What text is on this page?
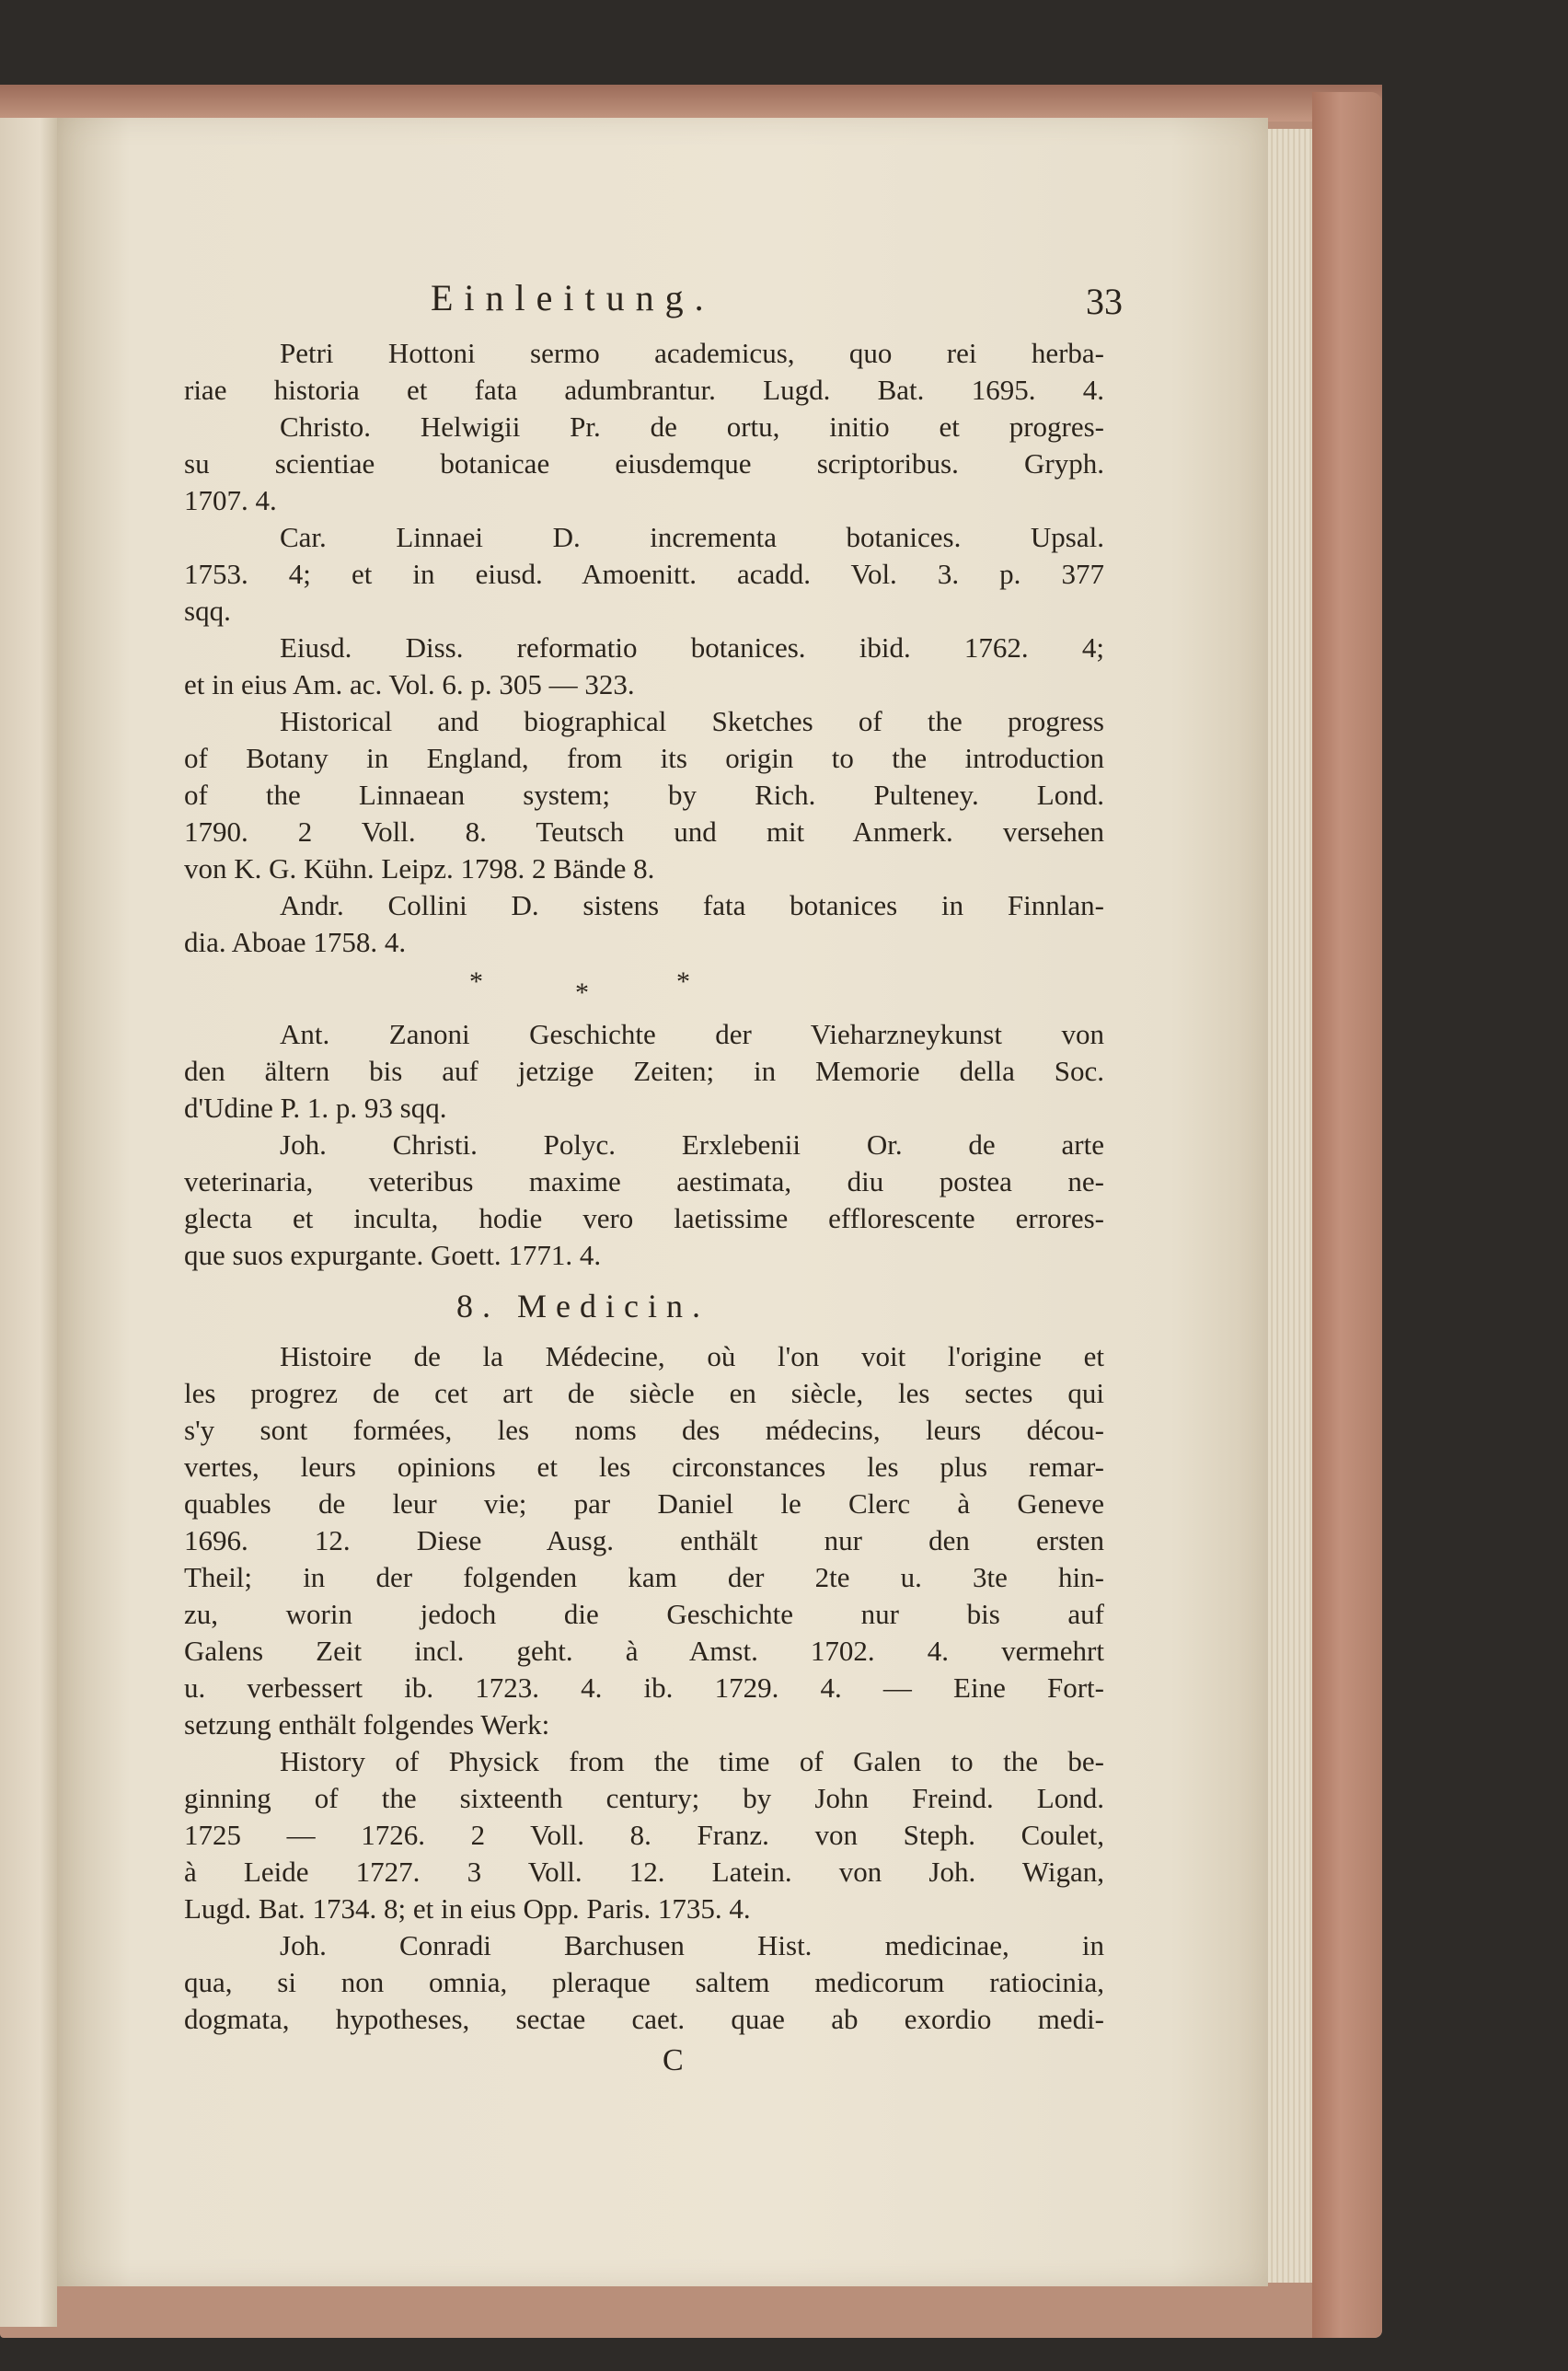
Einleitung.	33
Petri Hottoni sermo academicus, quo rei herba-
riae historia et fata adumbrantur. Lugd. Bat. 1695. 4.
Christo. Helwigii Pr. de ortu, initio et progres-
su scientiae botanicae eiusdemque scriptoribus. Gryph.
1707. 4.
Car. Linnaei D. incrementa botanices. Upsal.
1753. 4; et in eiusd. Amoenitt. acadd. Vol. 3. p. 377
sqq.
Eiusd. Diss. reformatio botanices. ibid. 1762. 4;
et in eius Am. ac. Vol. 6. p. 305 — 323.
Historical and biographical Sketches of the progress
of Botany in England, from its origin to the introduction
of the Linnaean system; by Rich. Pulteney. Lond.
1790. 2 Voll. 8. Teutsch und mit Anmerk. versehen
von K. G. Kühn. Leipz. 1798. 2 Bände 8.
Andr. Collini D. sistens fata botanices in Finnlan-
dia. Aboae 1758. 4.
*	*	*
Ant. Zanoni Geschichte der Vieharzneykunst von
den ältern bis auf jetzige Zeiten; in Memorie della Soc.
d'Udine P. 1. p. 93 sqq.
Joh. Christi. Polyc. Erxlebenii Or. de arte
veterinaria, veteribus maxime aestimata, diu postea ne-
glecta et inculta, hodie vero laetissime efflorescente errores-
que suos expurgante. Goett. 1771. 4.
8. Medicin.
Histoire de la Médecine, où l'on voit l'origine et
les progrez de cet art de siècle en siècle, les sectes qui
s'y sont formées, les noms des médecins, leurs décou-
vertes, leurs opinions et les circonstances les plus remar-
quables de leur vie; par Daniel le Clerc à Geneve
1696. 12. Diese Ausg. enthält nur den ersten
Theil; in der folgenden kam der 2te u. 3te hin-
zu, worin jedoch die Geschichte nur bis auf
Galens Zeit incl. geht. à Amst. 1702. 4. vermehrt
u. verbessert ib. 1723. 4. ib. 1729. 4. — Eine Fort-
setzung enthält folgendes Werk:
History of Physick from the time of Galen to the be-
ginning of the sixteenth century; by John Freind. Lond.
1725 — 1726. 2 Voll. 8. Franz. von Steph. Coulet,
à Leide 1727. 3 Voll. 12. Latein. von Joh. Wigan,
Lugd. Bat. 1734. 8; et in eius Opp. Paris. 1735. 4.
Joh. Conradi Barchusen Hist. medicinae, in
qua, si non omnia, pleraque saltem medicorum ratiocinia,
dogmata, hypotheses, sectae caet. quae ab exordio medi-
C
